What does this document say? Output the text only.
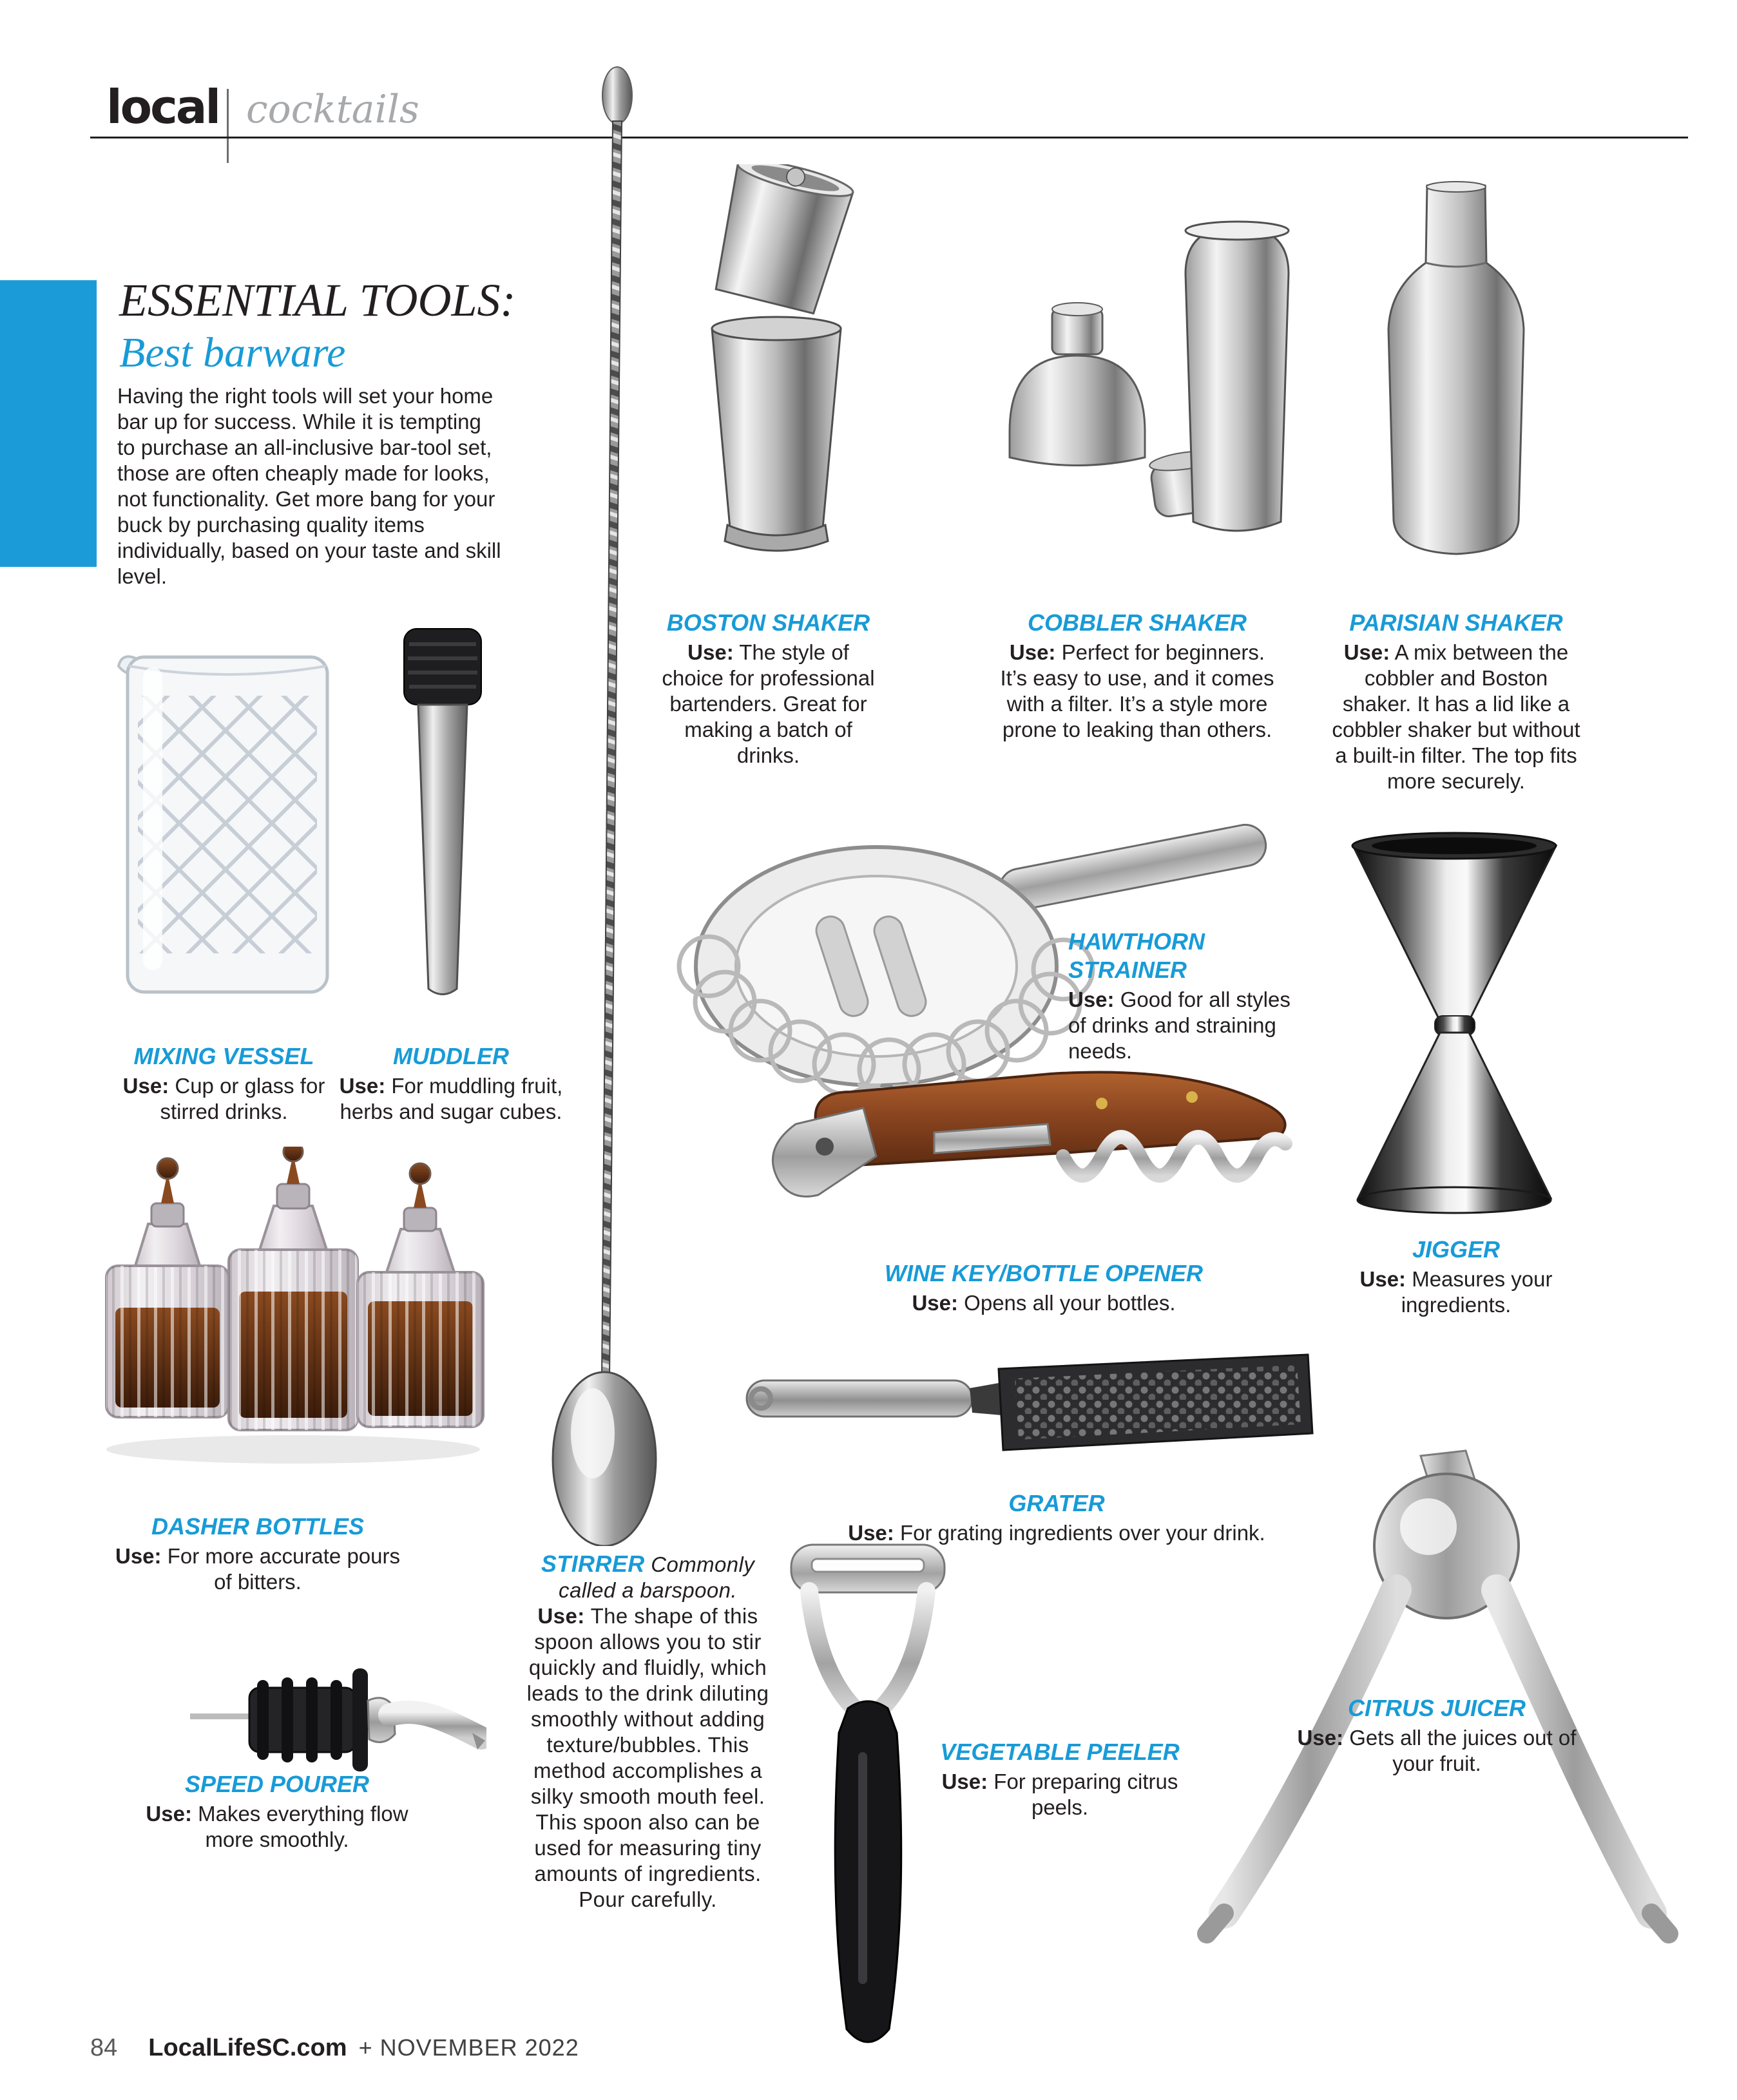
local cocktails
ESSENTIAL TOOLS:
Best barware
Having the right tools will set your home bar up for success. While it is tempting to purchase an all-inclusive bar-tool set, those are often cheaply made for looks, not functionality. Get more bang for your buck by purchasing quality items individually, based on your taste and skill level.
BOSTON SHAKER

Use: The style of choice for professional bartenders. Great for making a batch of drinks.

COBBLER SHAKER

Use: Perfect for beginners. It’s easy to use, and it comes with a filter. It’s a style more prone to leaking than others.

PARISIAN SHAKER

Use: A mix between the cobbler and Boston shaker. It has a lid like a cobbler shaker but without a built-in filter. The top fits more securely.

MIXING VESSEL

Use: Cup or glass for stirred drinks.

MUDDLER

Use: For muddling fruit, herbs and sugar cubes.

HAWTHORN STRAINER

Use: Good for all styles of drinks and straining needs.

WINE KEY/BOTTLE OPENER

Use: Opens all your bottles.

JIGGER

Use: Measures your ingredients.

DASHER BOTTLES

Use: For more accurate pours of bitters.

STIRRER Commonly called a barspoon.
Use: The shape of this spoon allows you to stir quickly and fluidly, which leads to the drink diluting smoothly without adding texture/bubbles. This method accomplishes a silky smooth mouth feel. This spoon also can be used for measuring tiny amounts of ingredients. Pour carefully.

GRATER

Use: For grating ingredients over your drink.

SPEED POURER

Use: Makes everything flow more smoothly.

VEGETABLE PEELER

Use: For preparing citrus peels.

CITRUS JUICER

Use: Gets all the juices out of your fruit.

84 LocalLifeSC.com + NOVEMBER 2022
